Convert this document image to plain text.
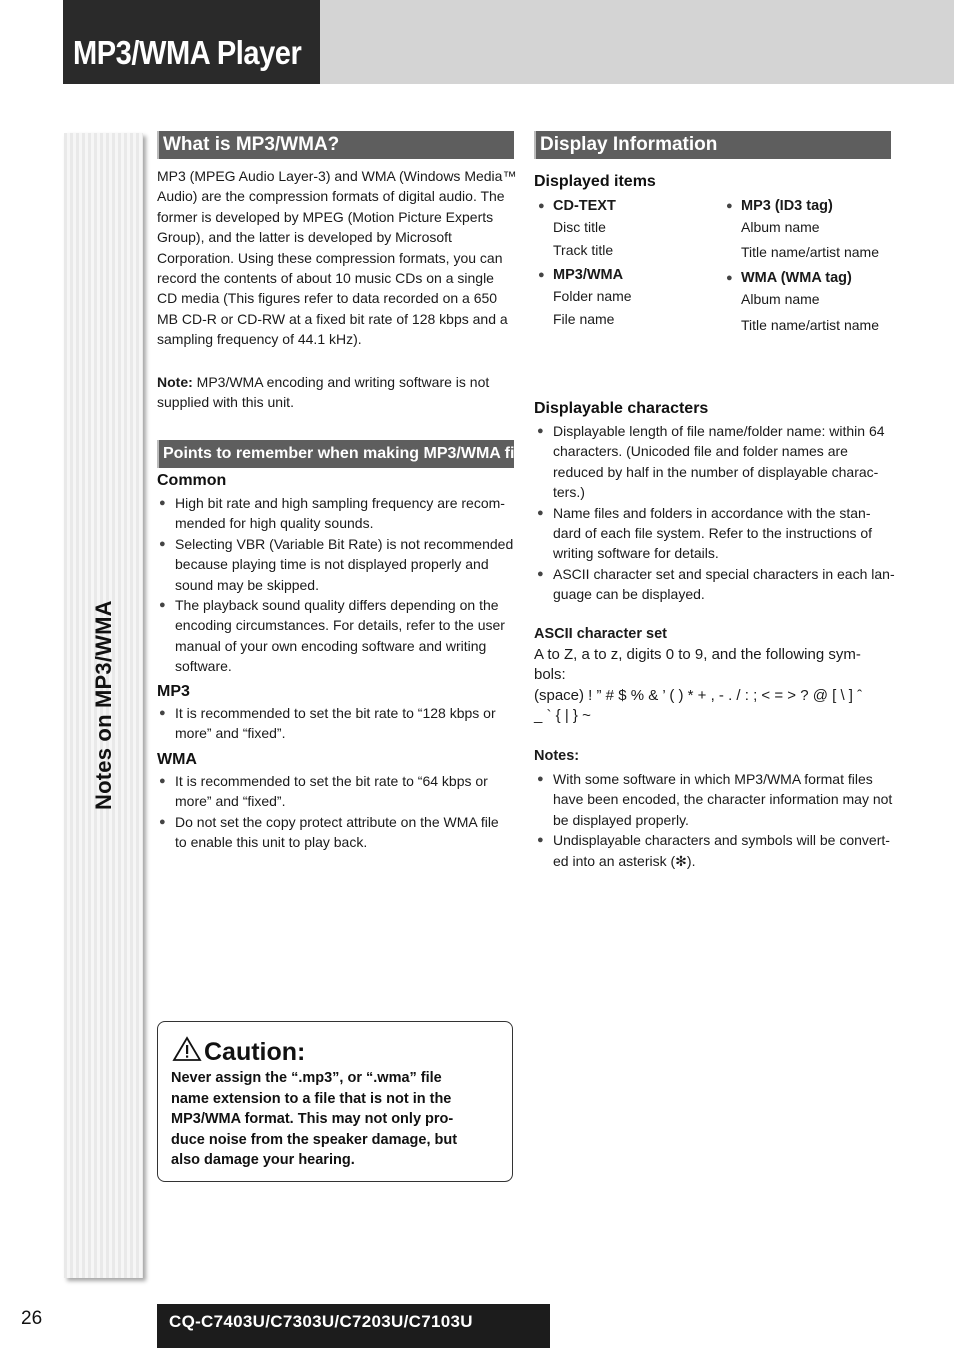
MP3/WMA Player
Notes on MP3/WMA
What is MP3/WMA?
MP3 (MPEG Audio Layer-3) and WMA (Windows Media™
Audio) are the compression formats of digital audio. The
former is developed by MPEG (Motion Picture Experts
Group), and the latter is developed by Microsoft
Corporation. Using these compression formats, you can
record the contents of about 10 music CDs on a single
CD media (This figures refer to data recorded on a 650
MB CD-R or CD-RW at a fixed bit rate of 128 kbps and a
sampling frequency of 44.1 kHz).
Note: MP3/WMA encoding and writing software is not
supplied with this unit.
Points to remember when making MP3/WMA files
Common
● High bit rate and high sampling frequency are recom-
mended for high quality sounds.
● Selecting VBR (Variable Bit Rate) is not recommended
because playing time is not displayed properly and
sound may be skipped.
● The playback sound quality differs depending on the
encoding circumstances. For details, refer to the user
manual of your own encoding software and writing
software.
MP3
● It is recommended to set the bit rate to “128 kbps or
more” and “fixed”.
WMA
● It is recommended to set the bit rate to “64 kbps or
more” and “fixed”.
● Do not set the copy protect attribute on the WMA file
to enable this unit to play back.
Caution:
Never assign the “.mp3”, or “.wma” file
name extension to a file that is not in the
MP3/WMA format. This may not only pro-
duce noise from the speaker damage, but
also damage your hearing.
Display Information
Displayed items
● CD-TEXT
Disc title
Track title
● MP3/WMA
Folder name
File name
● MP3 (ID3 tag)
Album name
Title name/artist name
● WMA (WMA tag)
Album name
Title name/artist name
Displayable characters
● Displayable length of file name/folder name: within 64
characters. (Unicoded file and folder names are
reduced by half in the number of displayable charac-
ters.)
● Name files and folders in accordance with the stan-
dard of each file system. Refer to the instructions of
writing software for details.
● ASCII character set and special characters in each lan-
guage can be displayed.
ASCII character set
A to Z, a to z, digits 0 to 9, and the following sym-
bols:
(space) ! ” # $ % & ’ ( ) * + , - . / : ; < = > ? @ [ \ ] ˆ
_ ` { | } ~
Notes:
● With some software in which MP3/WMA format files
have been encoded, the character information may not
be displayed properly.
● Undisplayable characters and symbols will be convert-
ed into an asterisk (✻).
26	CQ-C7403U/C7303U/C7203U/C7103U
